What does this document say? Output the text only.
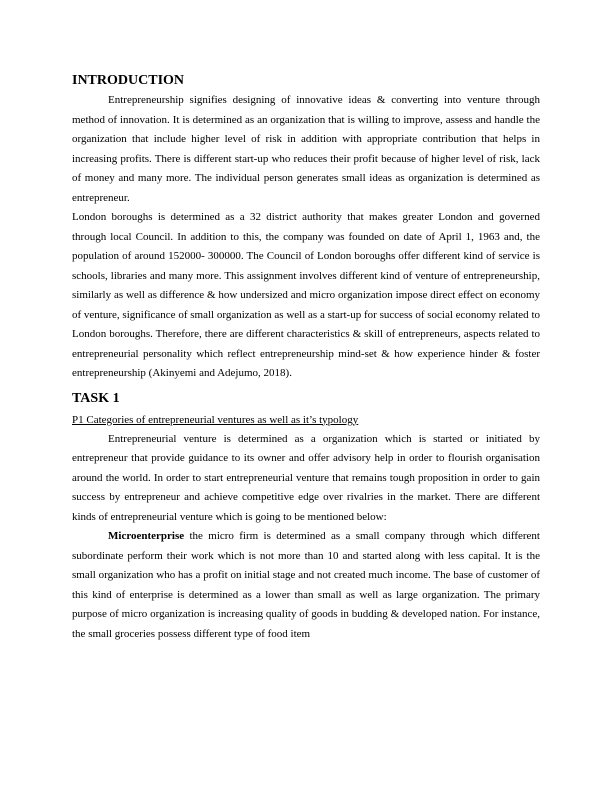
INTRODUCTION

Entrepreneurship signifies designing of innovative ideas & converting into venture through method of innovation. It is determined as an organization that is willing to improve, assess and handle the organization that include higher level of risk in addition with appropriate contribution that helps in increasing profits. There is different start-up who reduces their profit because of higher level of risk, lack of money and many more. The individual person generates small ideas as organization is determined as entrepreneur.

London boroughs is determined as a 32 district authority that makes greater London and governed through local Council. In addition to this, the company was founded on date of April 1, 1963 and, the population of around 152000- 300000. The Council of London boroughs offer different kind of service is schools, libraries and many more. This assignment involves different kind of venture of entrepreneurship, similarly as well as difference & how undersized and micro organization impose direct effect on economy of venture, significance of small organization as well as a start-up for success of social economy related to London boroughs. Therefore, there are different characteristics & skill of entrepreneurs, aspects related to entrepreneurial personality which reflect entrepreneurship mind-set & how experience hinder & foster entrepreneurship (Akinyemi and Adejumo, 2018).

TASK 1
P1 Categories of entrepreneurial ventures as well as it’s typology

Entrepreneurial venture is determined as a organization which is started or initiated by entrepreneur that provide guidance to its owner and offer advisory help in order to flourish organisation around the world. In order to start entrepreneurial venture that remains tough proposition in order to gain success by entrepreneur and achieve competitive edge over rivalries in the market. There are different kinds of entrepreneurial venture which is going to be mentioned below:

Microenterprise the micro firm is determined as a small company through which different subordinate perform their work which is not more than 10 and started along with less capital. It is the small organization who has a profit on initial stage and not created much income. The base of customer of this kind of enterprise is determined as a lower than small as well as large organization. The primary purpose of micro organization is increasing quality of goods in budding & developed nation. For instance, the small groceries possess different type of food item
